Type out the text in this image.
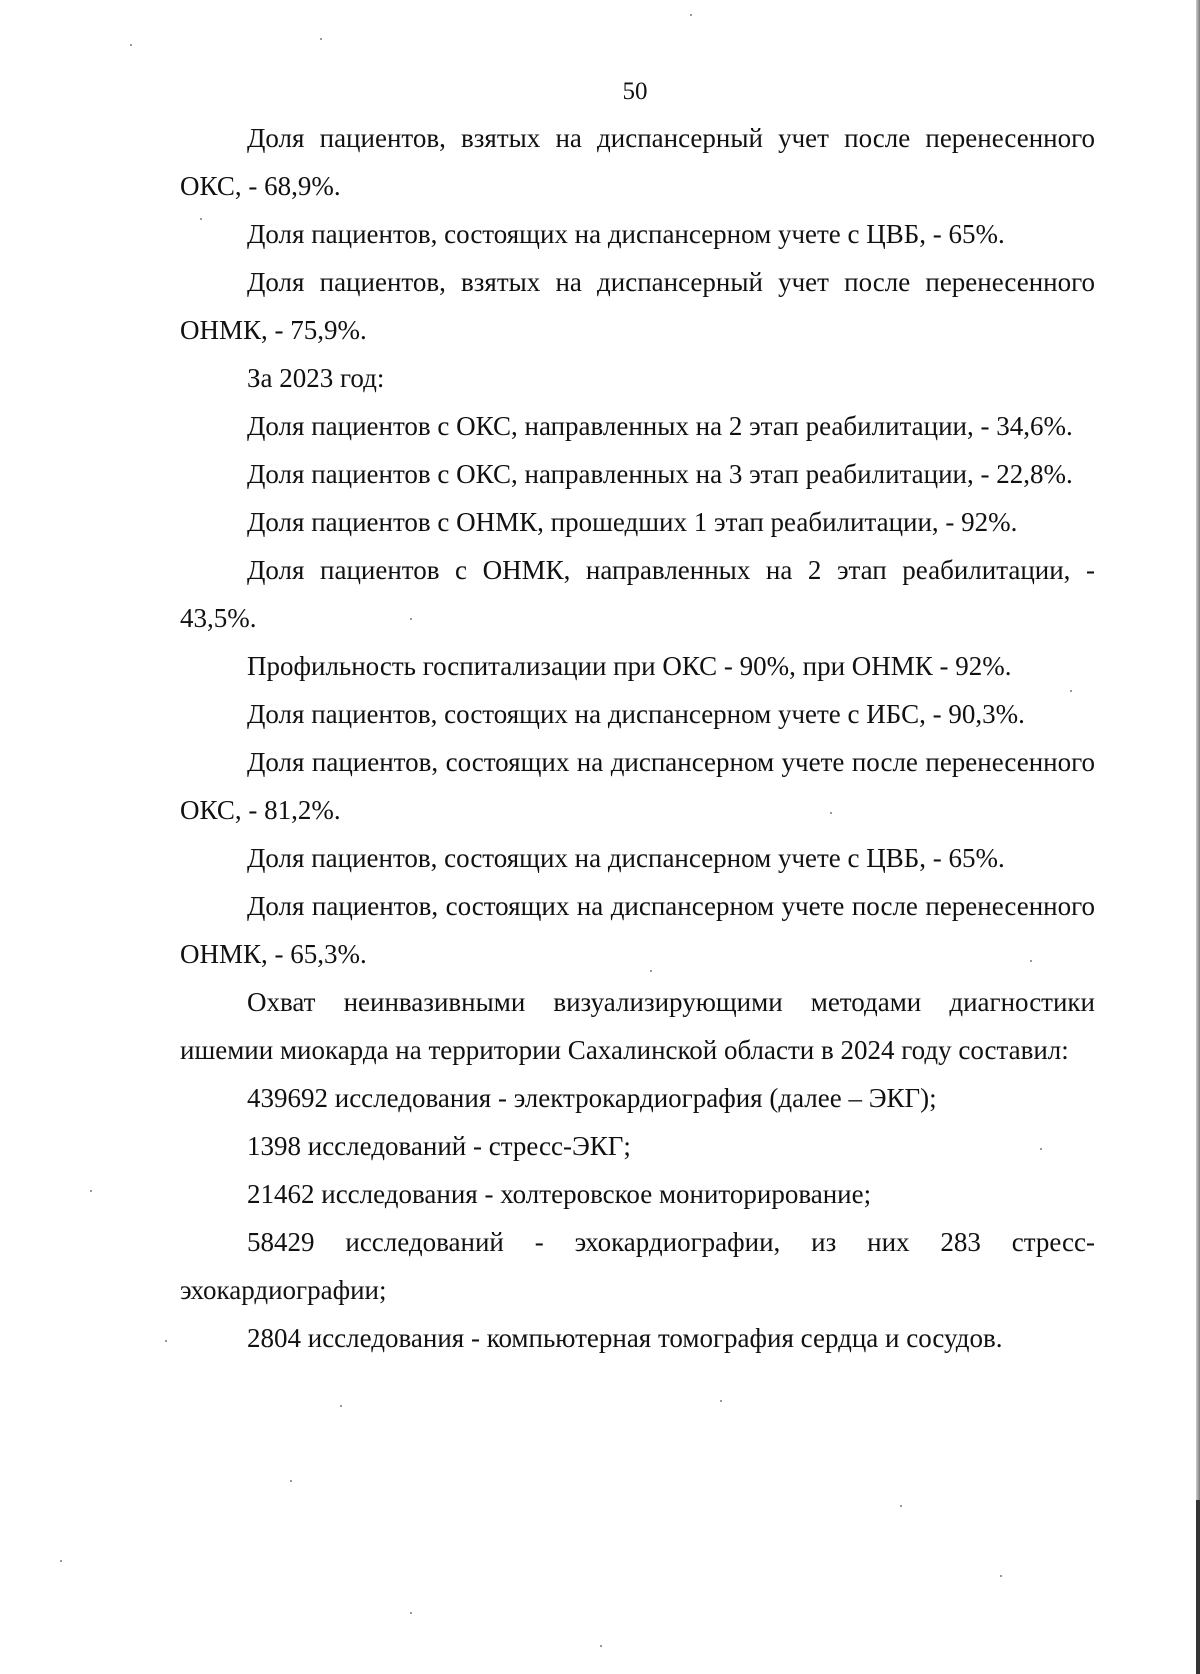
50

Доля пациентов, взятых на диспансерный учет после перенесенного ОКС, - 68,9%.

Доля пациентов, состоящих на диспансерном учете с ЦВБ, - 65%.

Доля пациентов, взятых на диспансерный учет после перенесенного ОНМК, - 75,9%.

За 2023 год:

Доля пациентов с ОКС, направленных на 2 этап реабилитации, - 34,6%.

Доля пациентов с ОКС, направленных на 3 этап реабилитации, - 22,8%.

Доля пациентов с ОНМК, прошедших 1 этап реабилитации, - 92%.

Доля пациентов с ОНМК, направленных на 2 этап реабилитации, - 43,5%.

Профильность госпитализации при ОКС - 90%, при ОНМК - 92%.

Доля пациентов, состоящих на диспансерном учете с ИБС, - 90,3%.

Доля пациентов, состоящих на диспансерном учете после перенесенного ОКС, - 81,2%.

Доля пациентов, состоящих на диспансерном учете с ЦВБ, - 65%.

Доля пациентов, состоящих на диспансерном учете после перенесенного ОНМК, - 65,3%.

Охват неинвазивными визуализирующими методами диагностики ишемии миокарда на территории Сахалинской области в 2024 году составил:

439692 исследования - электрокардиография (далее – ЭКГ);

1398 исследований - стресс-ЭКГ;

21462 исследования - холтеровское мониторирование;

58429 исследований - эхокардиографии, из них 283 стресс-эхокардиографии;

2804 исследования - компьютерная томография сердца и сосудов.
